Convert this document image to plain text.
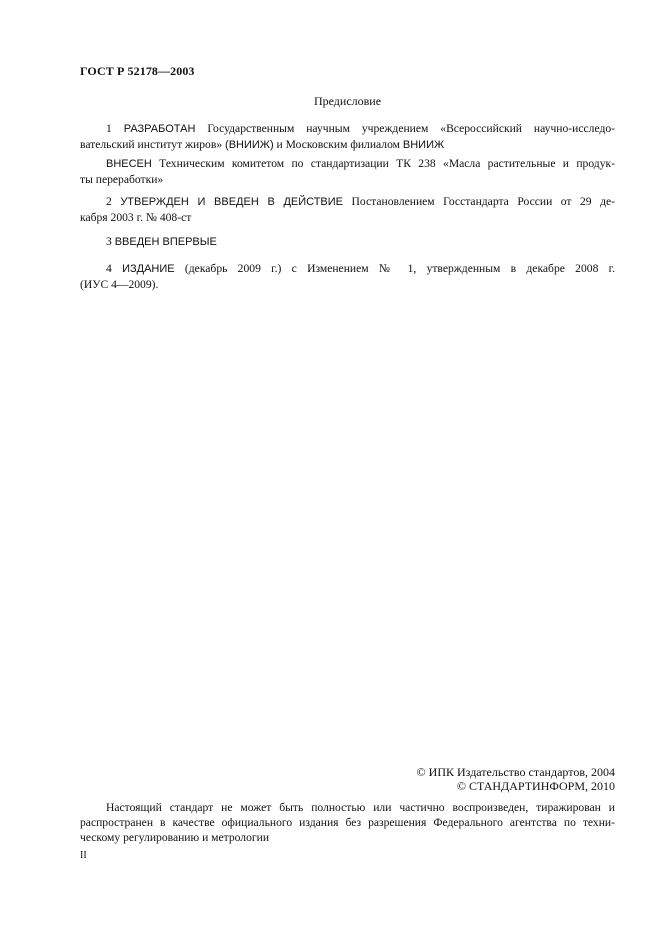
ГОСТ Р 52178—2003
Предисловие
1 РАЗРАБОТАН Государственным научным учреждением «Всероссийский научно-исследо-
вательский институт жиров» (ВНИИЖ) и Московским филиалом ВНИИЖ
ВНЕСЕН Техническим комитетом по стандартизации ТК 238 «Масла растительные и продук-
ты переработки»
2 УТВЕРЖДЕН И ВВЕДЕН В ДЕЙСТВИЕ Постановлением Госстандарта России от 29 де-
кабря 2003 г. № 408-ст
3 ВВЕДЕН ВПЕРВЫЕ
4 ИЗДАНИЕ (декабрь 2009 г.) с Изменением № 1, утвержденным в декабре 2008 г.
(ИУС 4—2009).
© ИПК Издательство стандартов, 2004
© СТАНДАРТИНФОРМ, 2010
Настоящий стандарт не может быть полностью или частично воспроизведен, тиражирован и
распространен в качестве официального издания без разрешения Федерального агентства по техни-
ческому регулированию и метрологии
II
